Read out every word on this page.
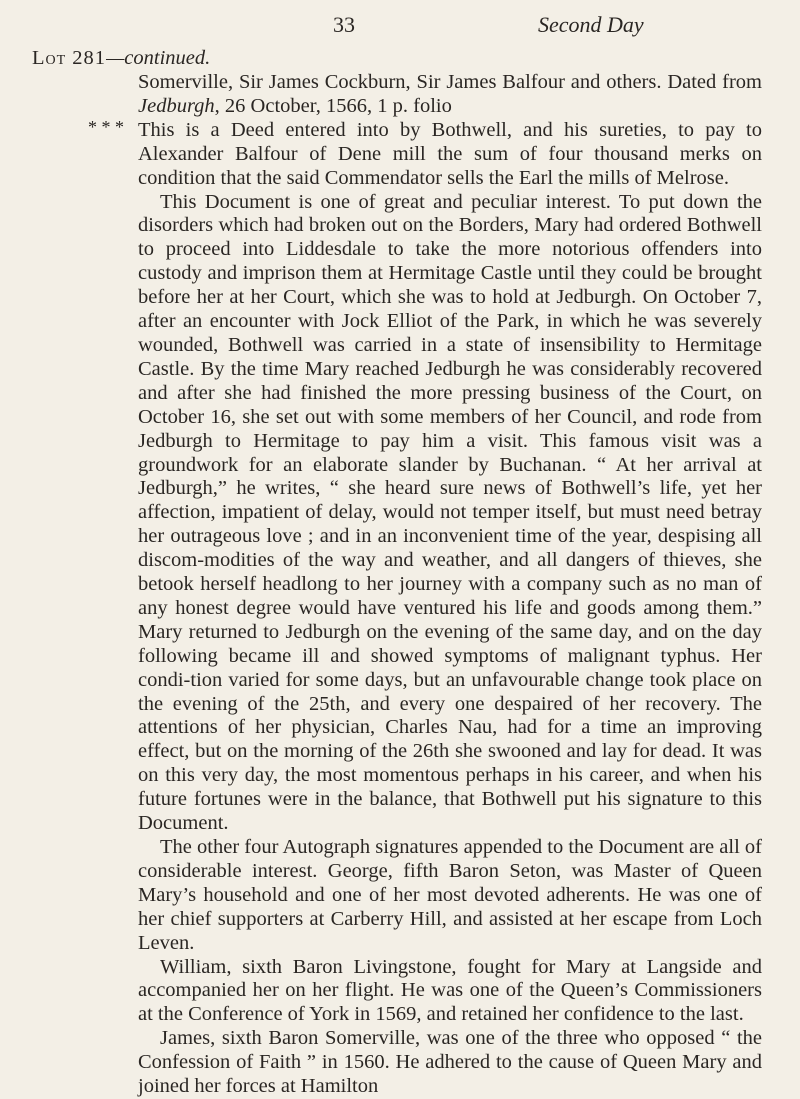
33	Second Day
Lot 281—continued.
* * *

Somerville, Sir James Cockburn, Sir James Balfour and others. Dated from Jedburgh, 26 October, 1566, 1 p. folio

This is a Deed entered into by Bothwell, and his sureties, to pay to Alexander Balfour of Dene mill the sum of four thousand merks on condition that the said Commendator sells the Earl the mills of Melrose.

This Document is one of great and peculiar interest. To put down the disorders which had broken out on the Borders, Mary had ordered Bothwell to proceed into Liddesdale to take the more notorious offenders into custody and imprison them at Hermitage Castle until they could be brought before her at her Court, which she was to hold at Jedburgh. On October 7, after an encounter with Jock Elliot of the Park, in which he was severely wounded, Bothwell was carried in a state of insensibility to Hermitage Castle. By the time Mary reached Jedburgh he was considerably recovered and after she had finished the more pressing business of the Court, on October 16, she set out with some members of her Council, and rode from Jedburgh to Hermitage to pay him a visit. This famous visit was a groundwork for an elaborate slander by Buchanan. “ At her arrival at Jedburgh,” he writes, “ she heard sure news of Bothwell’s life, yet her affection, impatient of delay, would not temper itself, but must need betray her outrageous love ; and in an inconvenient time of the year, despising all discom-modities of the way and weather, and all dangers of thieves, she betook herself headlong to her journey with a company such as no man of any honest degree would have ventured his life and goods among them.” Mary returned to Jedburgh on the evening of the same day, and on the day following became ill and showed symptoms of malignant typhus. Her condi-tion varied for some days, but an unfavourable change took place on the evening of the 25th, and every one despaired of her recovery. The attentions of her physician, Charles Nau, had for a time an improving effect, but on the morning of the 26th she swooned and lay for dead. It was on this very day, the most momentous perhaps in his career, and when his future fortunes were in the balance, that Bothwell put his signature to this Document.

The other four Autograph signatures appended to the Document are all of considerable interest. George, fifth Baron Seton, was Master of Queen Mary’s household and one of her most devoted adherents. He was one of her chief supporters at Carberry Hill, and assisted at her escape from Loch Leven.

William, sixth Baron Livingstone, fought for Mary at Langside and accompanied her on her flight. He was one of the Queen’s Commissioners at the Conference of York in 1569, and retained her confidence to the last.

James, sixth Baron Somerville, was one of the three who opposed “ the Confession of Faith ” in 1560. He adhered to the cause of Queen Mary and joined her forces at Hamilton
